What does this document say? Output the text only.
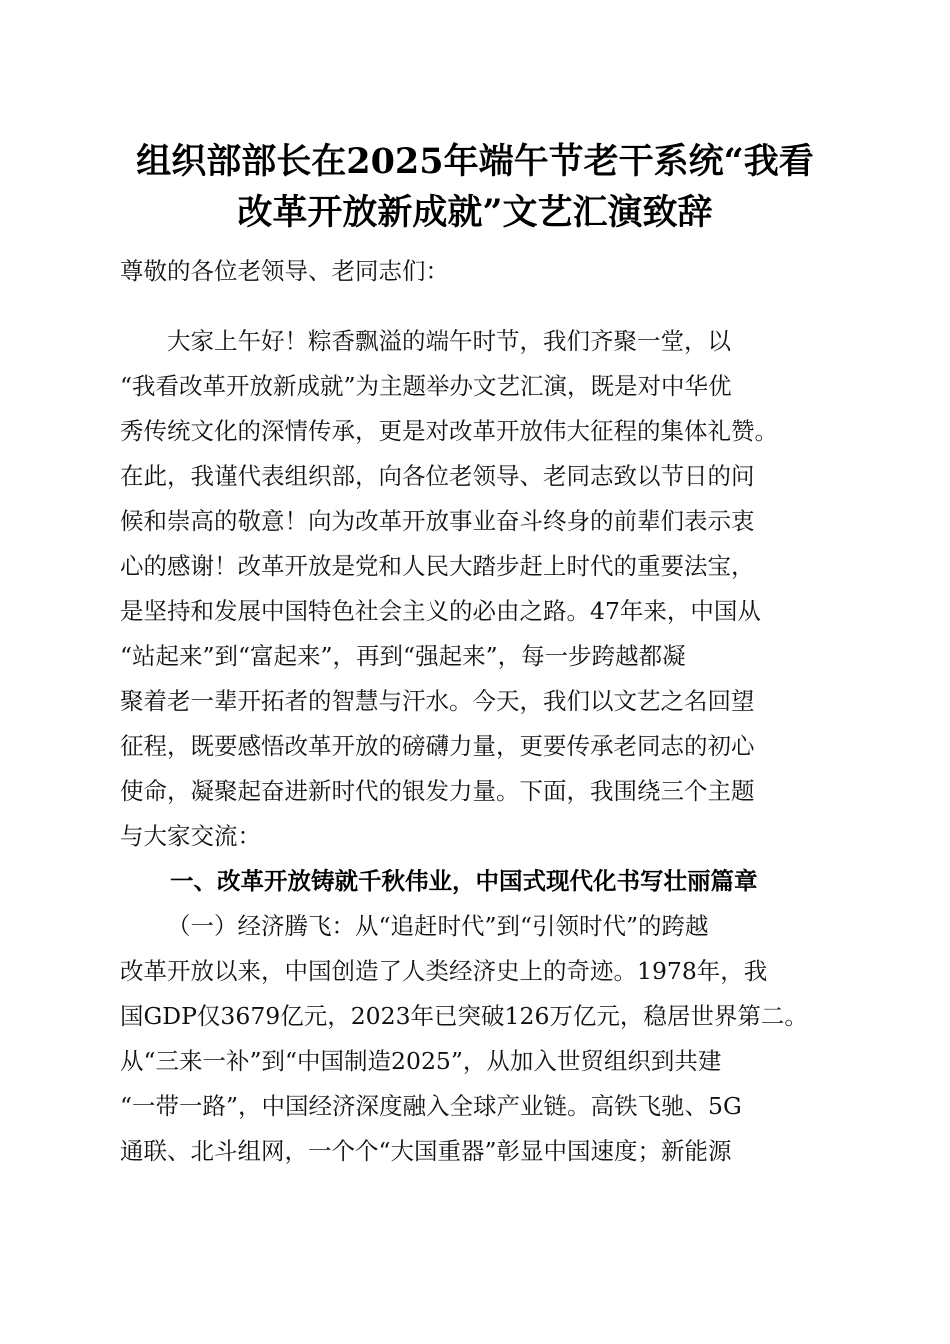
组织部部长在2025年端午节老干系统“我看
改革开放新成就”文艺汇演致辞
尊敬的各位老领导、老同志们：
大家上午好！粽香飘溢的端午时节，我们齐聚一堂，以
“我看改革开放新成就”为主题举办文艺汇演，既是对中华优
秀传统文化的深情传承，更是对改革开放伟大征程的集体礼赞。
在此，我谨代表组织部，向各位老领导、老同志致以节日的问
候和崇高的敬意！向为改革开放事业奋斗终身的前辈们表示衷
心的感谢！改革开放是党和人民大踏步赶上时代的重要法宝，
是坚持和发展中国特色社会主义的必由之路。47年来，中国从
“站起来”到“富起来”，再到“强起来”，每一步跨越都凝
聚着老一辈开拓者的智慧与汗水。今天，我们以文艺之名回望
征程，既要感悟改革开放的磅礴力量，更要传承老同志的初心
使命，凝聚起奋进新时代的银发力量。下面，我围绕三个主题
与大家交流：
一、改革开放铸就千秋伟业，中国式现代化书写壮丽篇章
（一）经济腾飞：从“追赶时代”到“引领时代”的跨越
改革开放以来，中国创造了人类经济史上的奇迹。1978年，我
国GDP仅3679亿元，2023年已突破126万亿元，稳居世界第二。
从“三来一补”到“中国制造2025”，从加入世贸组织到共建
“一带一路”，中国经济深度融入全球产业链。高铁飞驰、5G
通联、北斗组网，一个个“大国重器”彰显中国速度；新能源
